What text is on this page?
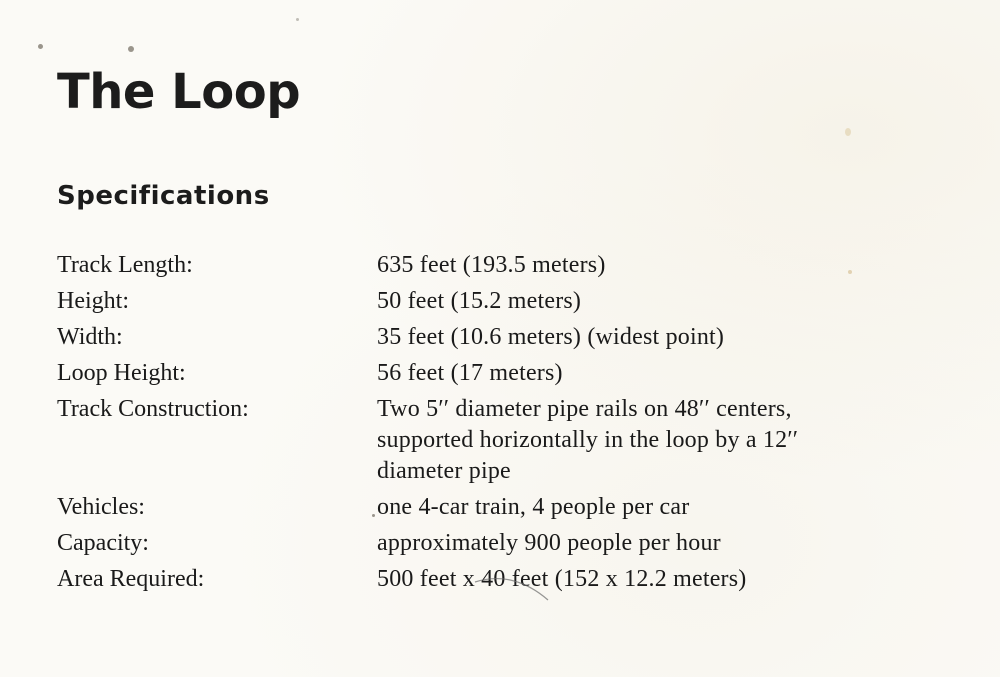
The Loop
Specifications
Track Length:	635 feet (193.5 meters)
Height:	50 feet (15.2 meters)
Width:	35 feet (10.6 meters) (widest point)
Loop Height:	56 feet (17 meters)
Track Construction:	Two 5′′ diameter pipe rails on 48′′ centers, supported horizontally in the loop by a 12′′ diameter pipe
Vehicles:	one 4-car train, 4 people per car
Capacity:	approximately 900 people per hour
Area Required:	500 feet x 40 feet (152 x 12.2 meters)
